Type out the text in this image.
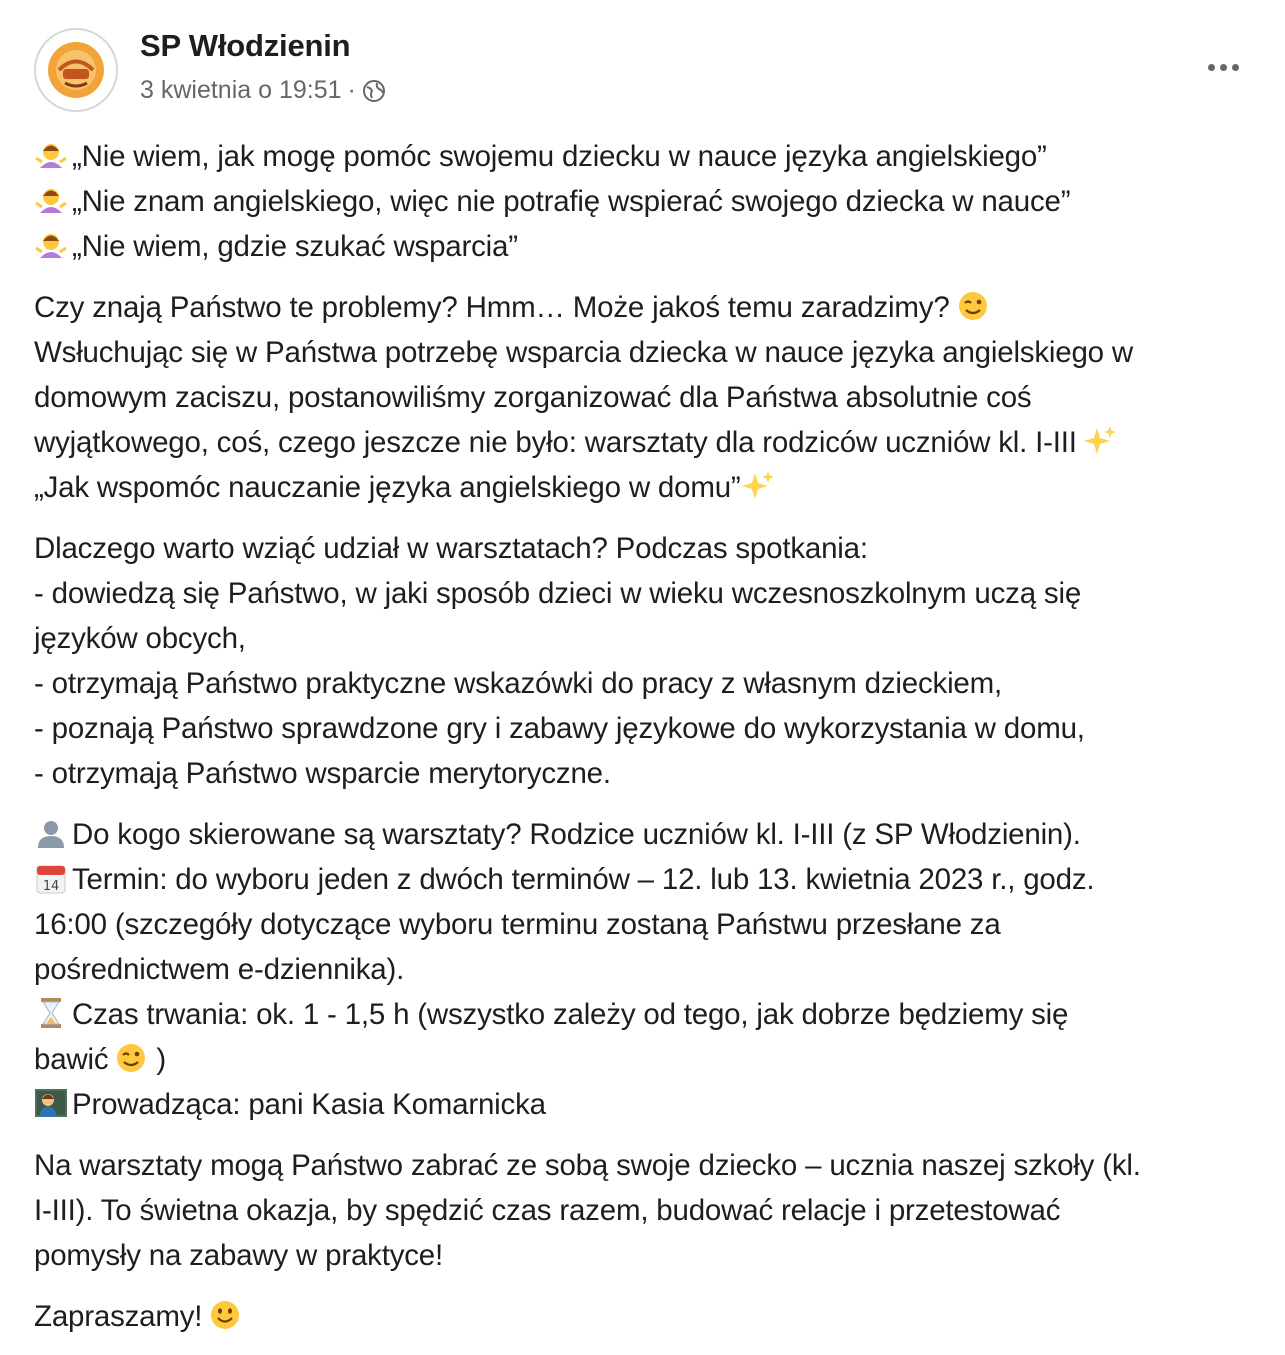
SP Włodzienin
3 kwietnia o 19:51 ·
„Nie wiem, jak mogę pomóc swojemu dziecku w nauce języka angielskiego”
„Nie znam angielskiego, więc nie potrafię wspierać swojego dziecka w nauce”
„Nie wiem, gdzie szukać wsparcia”
Czy znają Państwo te problemy? Hmm… Może jakoś temu zaradzimy?
Wsłuchując się w Państwa potrzebę wsparcia dziecka w nauce języka angielskiego w
domowym zaciszu, postanowiliśmy zorganizować dla Państwa absolutnie coś
wyjątkowego, coś, czego jeszcze nie było: warsztaty dla rodziców uczniów kl. I-III
„Jak wspomóc nauczanie języka angielskiego w domu”
Dlaczego warto wziąć udział w warsztatach? Podczas spotkania:
- dowiedzą się Państwo, w jaki sposób dzieci w wieku wczesnoszkolnym uczą się
języków obcych,
- otrzymają Państwo praktyczne wskazówki do pracy z własnym dzieckiem,
- poznają Państwo sprawdzone gry i zabawy językowe do wykorzystania w domu,
- otrzymają Państwo wsparcie merytoryczne.
Do kogo skierowane są warsztaty? Rodzice uczniów kl. I-III (z SP Włodzienin).
14 Termin: do wyboru jeden z dwóch terminów – 12. lub 13. kwietnia 2023 r., godz.
16:00 (szczegóły dotyczące wyboru terminu zostaną Państwu przesłane za
pośrednictwem e-dziennika).
Czas trwania: ok. 1 - 1,5 h (wszystko zależy od tego, jak dobrze będziemy się
bawić )
Prowadząca: pani Kasia Komarnicka
Na warsztaty mogą Państwo zabrać ze sobą swoje dziecko – ucznia naszej szkoły (kl.
I-III). To świetna okazja, by spędzić czas razem, budować relacje i przetestować
pomysły na zabawy w praktyce!
Zapraszamy!
